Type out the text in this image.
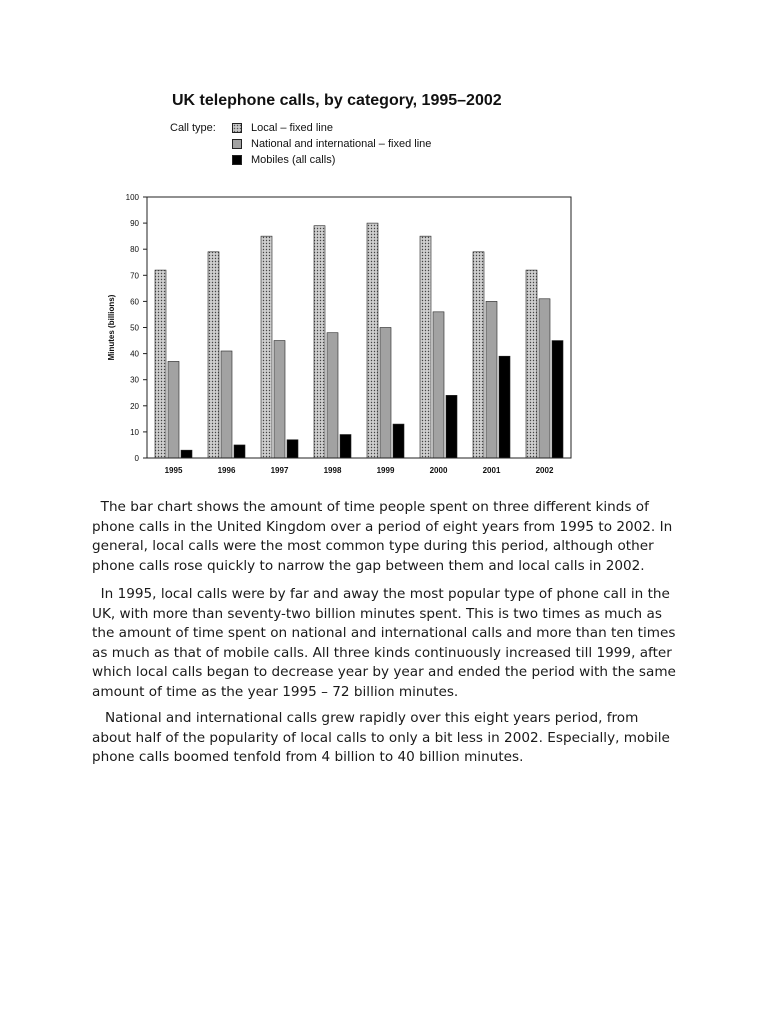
UK telephone calls, by category, 1995–2002
Call type:	Local – fixed line
National and international – fixed line
Mobiles (all calls)
0
10
20
30
40
50
60
70
80
90
100
1995	1996	1997	1998	1999	2000	2001	2002
Minutes (billions)

The bar chart shows the amount of time people spent on three different kinds of phone calls in the United Kingdom over a period of eight years from 1995 to 2002. In general, local calls were the most common type during this period, although other phone calls rose quickly to narrow the gap between them and local calls in 2002.

In 1995, local calls were by far and away the most popular type of phone call in the UK, with more than seventy-two billion minutes spent. This is two times as much as the amount of time spent on national and international calls and more than ten times as much as that of mobile calls. All three kinds continuously increased till 1999, after which local calls began to decrease year by year and ended the period with the same amount of time as the year 1995 – 72 billion minutes.

National and international calls grew rapidly over this eight years period, from about half of the popularity of local calls to only a bit less in 2002. Especially, mobile phone calls boomed tenfold from 4 billion to 40 billion minutes.
